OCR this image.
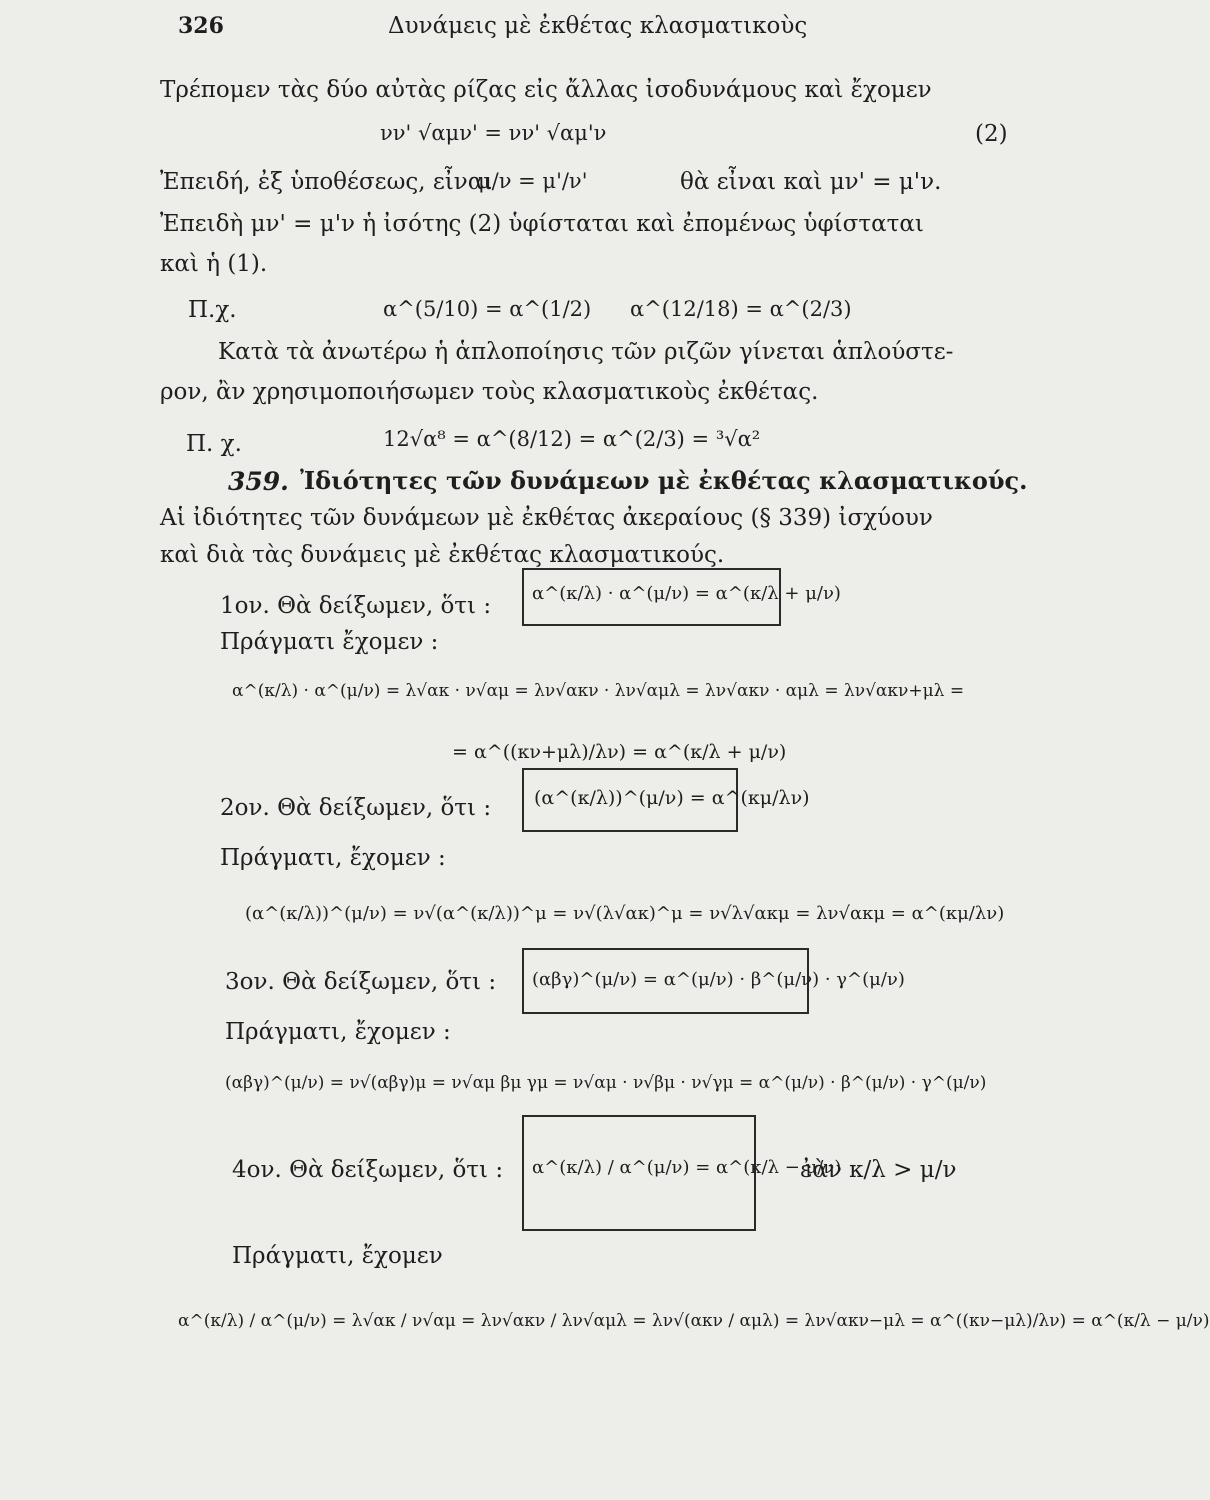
326	Δυνάμεις μὲ ἐκθέτας κλασματικοὺς
Τρέπομεν τὰς δύο αὐτὰς ρίζας εἰς ἄλλας ἰσοδυνάμους καὶ ἔχομεν
νν' √αμν' = νν' √αμ'ν	(2)
Ἐπειδή, ἐξ ὑποθέσεως, εἶναι
μ/ν = μ'/ν'	θὰ εἶναι καὶ μν' = μ'ν.
Ἐπειδὴ μν' = μ'ν ἡ ἰσότης (2) ὑφίσταται καὶ ἐπομένως ὑφίσταται
καὶ ἡ (1).
Π.χ.	α^(5/10) = α^(1/2) α^(12/18) = α^(2/3)
Κατὰ τὰ ἀνωτέρω ἡ ἁπλοποίησις τῶν ριζῶν γίνεται ἁπλούστε-
ρον, ἂν χρησιμοποιήσωμεν τοὺς κλασματικοὺς ἐκθέτας.
Π. χ.	12√α⁸ = α^(8/12) = α^(2/3) = ³√α²
359. Ἰδιότητες τῶν δυνάμεων μὲ ἐκθέτας κλασματικούς.
Αἱ ἰδιότητες τῶν δυνάμεων μὲ ἐκθέτας ἀκεραίους (§ 339) ἰσχύουν
καὶ διὰ τὰς δυνάμεις μὲ ἐκθέτας κλασματικούς.
1ον. Θὰ δείξωμεν, ὅτι : α^(κ/λ) · α^(μ/ν) = α^(κ/λ + μ/ν)
Πράγματι ἔχομεν :
α^(κ/λ) · α^(μ/ν) = λ√ακ · ν√αμ = λν√ακν · λν√αμλ = λν√ακν · αμλ = λν√ακν+μλ =
= α^((κν+μλ)/λν) = α^(κ/λ + μ/ν)
2ον. Θὰ δείξωμεν, ὅτι : (α^(κ/λ))^(μ/ν) = α^(κμ/λν)
Πράγματι, ἔχομεν :
(α^(κ/λ))^(μ/ν) = ν√(α^(κ/λ))^μ = ν√(λ√ακ)^μ = ν√λ√ακμ = λν√ακμ = α^(κμ/λν)
3ον. Θὰ δείξωμεν, ὅτι : (αβγ)^(μ/ν) = α^(μ/ν) · β^(μ/ν) · γ^(μ/ν)
Πράγματι, ἔχομεν :
(αβγ)^(μ/ν) = ν√(αβγ)μ = ν√αμ βμ γμ = ν√αμ · ν√βμ · ν√γμ = α^(μ/ν) · β^(μ/ν) · γ^(μ/ν)
4ον. Θὰ δείξωμεν, ὅτι : α^(κ/λ) / α^(μ/ν) = α^(κ/λ − μ/ν)
ἐὰν κ/λ > μ/ν
Πράγματι, ἔχομεν
α^(κ/λ) / α^(μ/ν) = λ√ακ / ν√αμ = λν√ακν / λν√αμλ = λν√(ακν / αμλ) = λν√ακν−μλ = α^((κν−μλ)/λν) = α^(κ/λ − μ/ν)
